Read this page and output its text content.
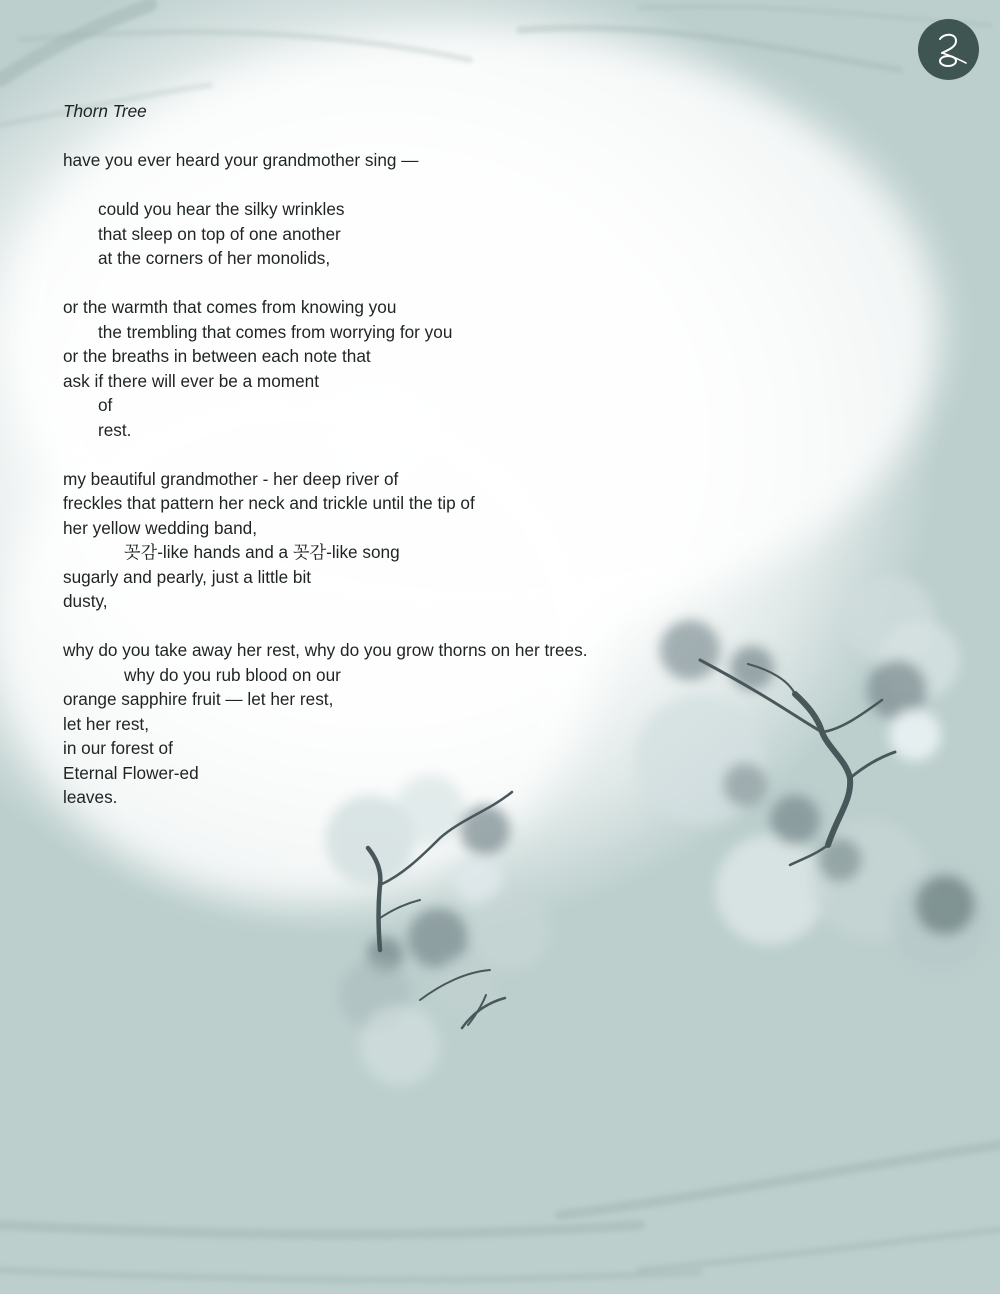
Thorn Tree
have you ever heard your grandmother sing —
could you hear the silky wrinkles
that sleep on top of one another
at the corners of her monolids,
or the warmth that comes from knowing you
the trembling that comes from worrying for you
or the breaths in between each note that
ask if there will ever be a moment
of
rest.
my beautiful grandmother - her deep river of
freckles that pattern her neck and trickle until the tip of
her yellow wedding band,
꼿감-like hands and a 꼿감-like song
sugarly and pearly, just a little bit
dusty,
why do you take away her rest, why do you grow thorns on her trees.
why do you rub blood on our
orange sapphire fruit — let her rest,
let her rest,
in our forest of
Eternal Flower-ed
leaves.
